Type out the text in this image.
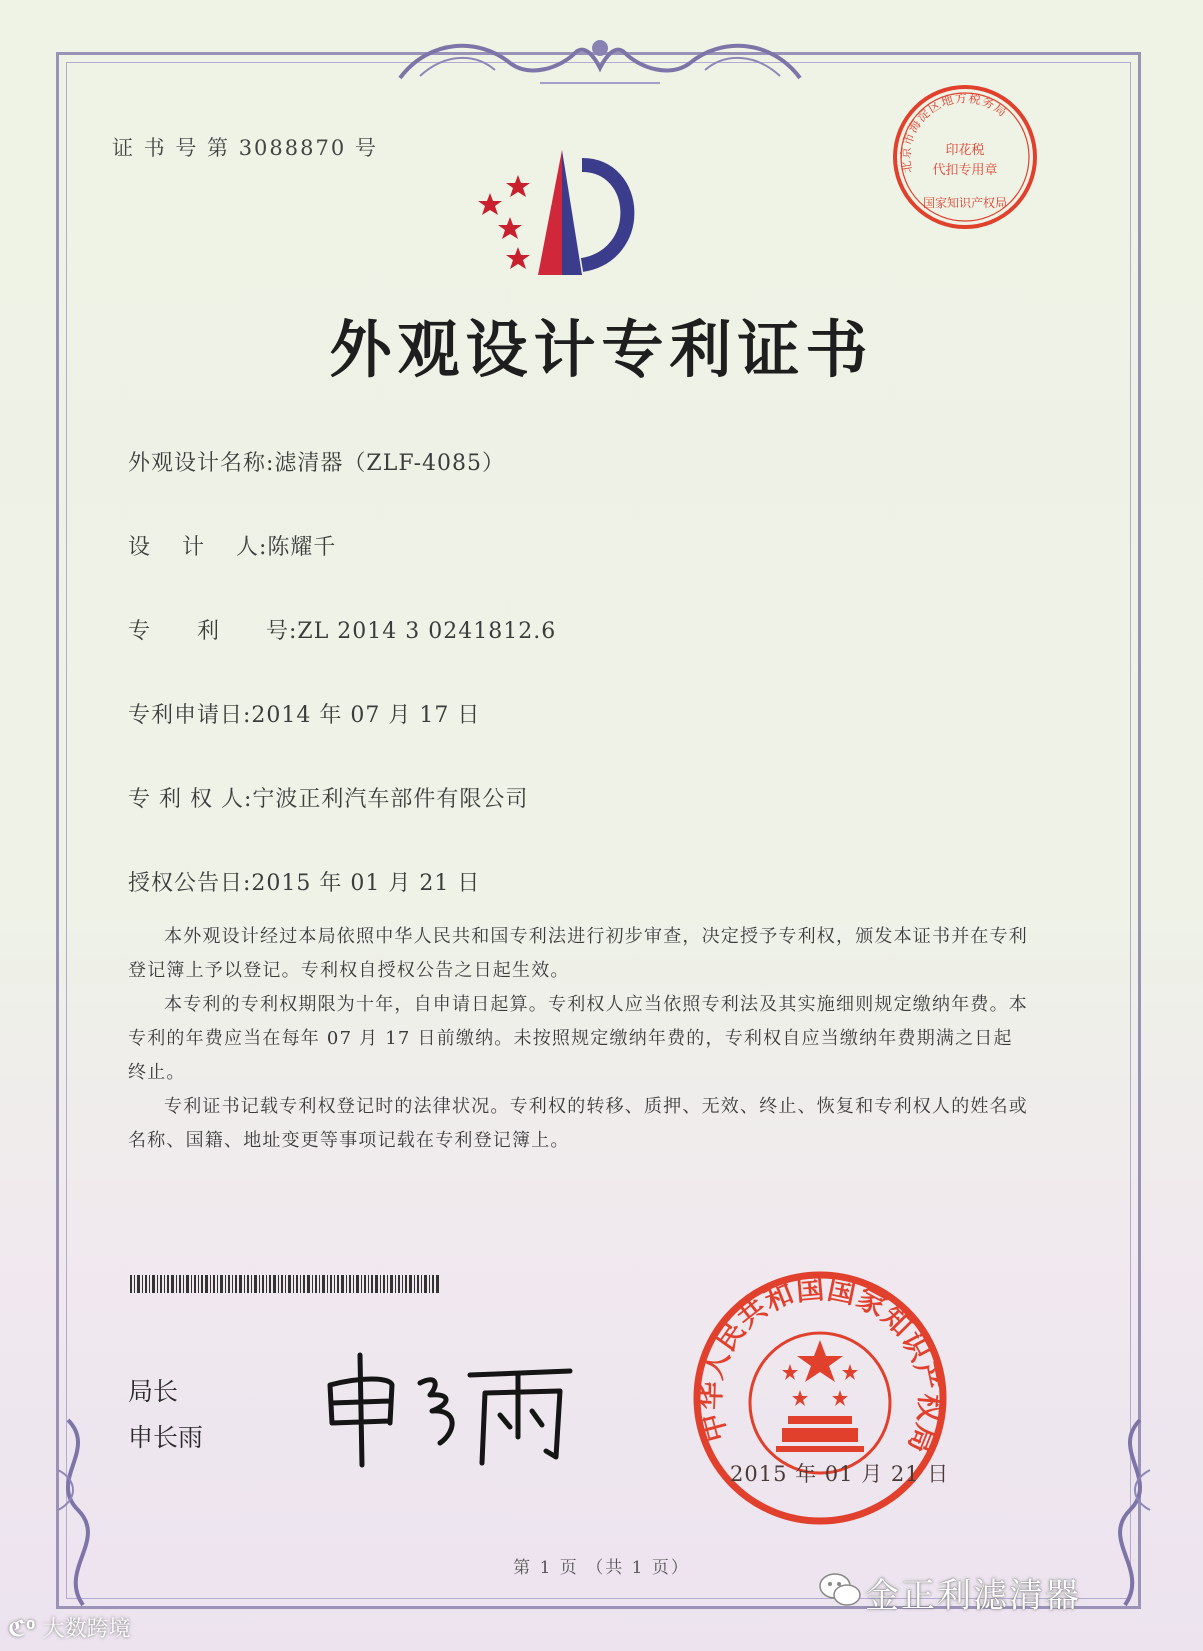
证 书 号 第 3088870 号
北京市海淀区地方税务局
国家知识产权局
印花税
代扣专用章
外观设计专利证书
外观设计名称:滤清器（ZLF-4085）
设　 计　 人:陈耀千
专　　利　　号:ZL 2014 3 0241812.6
专利申请日:2014 年 07 月 17 日
专 利 权 人:宁波正利汽车部件有限公司
授权公告日:2015 年 01 月 21 日

本外观设计经过本局依照中华人民共和国专利法进行初步审查，决定授予专利权，颁发本证书并在专利登记簿上予以登记。专利权自授权公告之日起生效。

本专利的专利权期限为十年，自申请日起算。专利权人应当依照专利法及其实施细则规定缴纳年费。本专利的年费应当在每年 07 月 17 日前缴纳。未按照规定缴纳年费的，专利权自应当缴纳年费期满之日起终止。

专利证书记载专利权登记时的法律状况。专利权的转移、质押、无效、终止、恢复和专利权人的姓名或名称、国籍、地址变更等事项记载在专利登记簿上。

局长
申长雨	中华人民共和国国家知识产权局
2015 年 01 月 21 日
第 1 页 （共 1 页）
金正利滤清器
ℭ⁰ 大数跨境
